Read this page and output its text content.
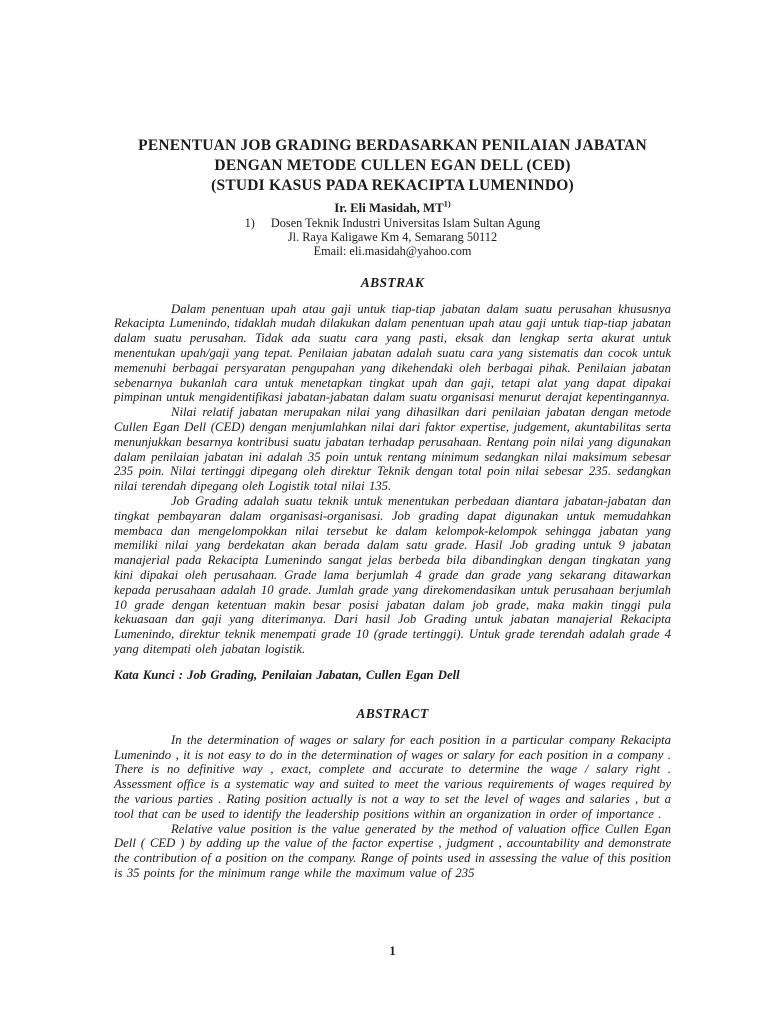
PENENTUAN JOB GRADING BERDASARKAN PENILAIAN JABATAN
DENGAN METODE CULLEN EGAN DELL (CED)
(STUDI KASUS PADA REKACIPTA LUMENINDO)
Ir. Eli Masidah, MT$^{1)}$
1) Dosen Teknik Industri Universitas Islam Sultan Agung
Jl. Raya Kaligawe Km 4, Semarang 50112
Email: eli.masidah@yahoo.com
ABSTRAK

Dalam penentuan upah atau gaji untuk tiap-tiap jabatan dalam suatu perusahan khususnya Rekacipta Lumenindo, tidaklah mudah dilakukan dalam penentuan upah atau gaji untuk tiap-tiap jabatan dalam suatu perusahan. Tidak ada suatu cara yang pasti, eksak dan lengkap serta akurat untuk menentukan upah/gaji yang tepat. Penilaian jabatan adalah suatu cara yang sistematis dan cocok untuk memenuhi berbagai persyaratan pengupahan yang dikehendaki oleh berbagai pihak. Penilaian jabatan sebenarnya bukanlah cara untuk menetapkan tingkat upah dan gaji, tetapi alat yang dapat dipakai pimpinan untuk mengidentifikasi jabatan-jabatan dalam suatu organisasi menurut derajat kepentingannya.

Nilai relatif jabatan merupakan nilai yang dihasilkan dari penilaian jabatan dengan metode Cullen Egan Dell (CED) dengan menjumlahkan nilai dari faktor expertise, judgement, akuntabilitas serta menunjukkan besarnya kontribusi suatu jabatan terhadap perusahaan. Rentang poin nilai yang digunakan dalam penilaian jabatan ini adalah 35 poin untuk rentang minimum sedangkan nilai maksimum sebesar 235 poin. Nilai tertinggi dipegang oleh direktur Teknik dengan total poin nilai sebesar 235. sedangkan nilai terendah dipegang oleh Logistik total nilai 135.

Job Grading adalah suatu teknik untuk menentukan perbedaan diantara jabatan-jabatan dan tingkat pembayaran dalam organisasi-organisasi. Job grading dapat digunakan untuk memudahkan membaca dan mengelompokkan nilai tersebut ke dalam kelompok-kelompok sehingga jabatan yang memiliki nilai yang berdekatan akan berada dalam satu grade. Hasil Job grading untuk 9 jabatan manajerial pada Rekacipta Lumenindo sangat jelas berbeda bila dibandingkan dengan tingkatan yang kini dipakai oleh perusahaan. Grade lama berjumlah 4 grade dan grade yang sekarang ditawarkan kepada perusahaan adalah 10 grade. Jumlah grade yang direkomendasikan untuk perusahaan berjumlah 10 grade dengan ketentuan makin besar posisi jabatan dalam job grade, maka makin tinggi pula kekuasaan dan gaji yang diterimanya. Dari hasil Job Grading untuk jabatan manajerial Rekacipta Lumenindo, direktur teknik menempati grade 10 (grade tertinggi). Untuk grade terendah adalah grade 4 yang ditempati oleh jabatan logistik.

Kata Kunci : Job Grading, Penilaian Jabatan, Cullen Egan Dell
ABSTRACT

In the determination of wages or salary for each position in a particular company Rekacipta Lumenindo , it is not easy to do in the determination of wages or salary for each position in a company . There is no definitive way , exact, complete and accurate to determine the wage / salary right . Assessment office is a systematic way and suited to meet the various requirements of wages required by the various parties . Rating position actually is not a way to set the level of wages and salaries , but a tool that can be used to identify the leadership positions within an organization in order of importance .

Relative value position is the value generated by the method of valuation office Cullen Egan Dell ( CED ) by adding up the value of the factor expertise , judgment , accountability and demonstrate the contribution of a position on the company. Range of points used in assessing the value of this position is 35 points for the minimum range while the maximum value of 235

1
